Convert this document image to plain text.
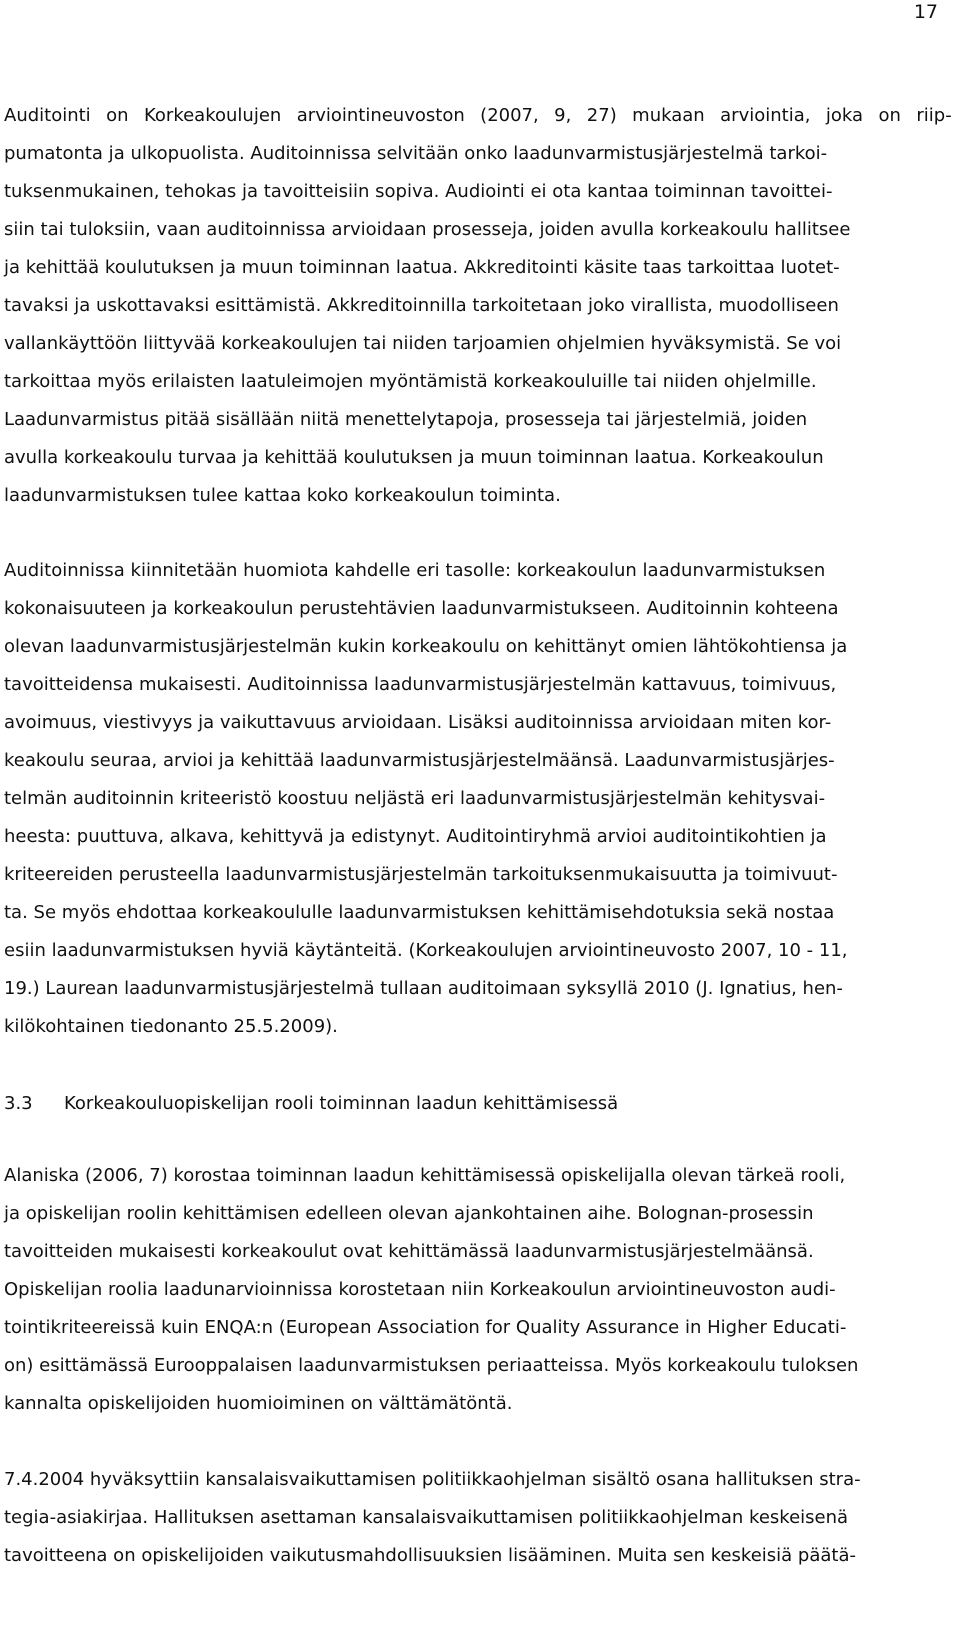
17

Auditointi on Korkeakoulujen arviointineuvoston (2007, 9, 27) mukaan arviointia, joka on riip-
pumatonta ja ulkopuolista. Auditoinnissa selvitään onko laadunvarmistusjärjestelmä tarkoi-
tuksenmukainen, tehokas ja tavoitteisiin sopiva. Audiointi ei ota kantaa toiminnan tavoittei-
siin tai tuloksiin, vaan auditoinnissa arvioidaan prosesseja, joiden avulla korkeakoulu hallitsee
ja kehittää koulutuksen ja muun toiminnan laatua. Akkreditointi käsite taas tarkoittaa luotet-
tavaksi ja uskottavaksi esittämistä. Akkreditoinnilla tarkoitetaan joko virallista, muodolliseen
vallankäyttöön liittyvää korkeakoulujen tai niiden tarjoamien ohjelmien hyväksymistä. Se voi
tarkoittaa myös erilaisten laatuleimojen myöntämistä korkeakouluille tai niiden ohjelmille.
Laadunvarmistus pitää sisällään niitä menettelytapoja, prosesseja tai järjestelmiä, joiden
avulla korkeakoulu turvaa ja kehittää koulutuksen ja muun toiminnan laatua. Korkeakoulun
laadunvarmistuksen tulee kattaa koko korkeakoulun toiminta.

Auditoinnissa kiinnitetään huomiota kahdelle eri tasolle: korkeakoulun laadunvarmistuksen
kokonaisuuteen ja korkeakoulun perustehtävien laadunvarmistukseen. Auditoinnin kohteena
olevan laadunvarmistusjärjestelmän kukin korkeakoulu on kehittänyt omien lähtökohtiensa ja
tavoitteidensa mukaisesti. Auditoinnissa laadunvarmistusjärjestelmän kattavuus, toimivuus,
avoimuus, viestivyys ja vaikuttavuus arvioidaan. Lisäksi auditoinnissa arvioidaan miten kor-
keakoulu seuraa, arvioi ja kehittää laadunvarmistusjärjestelmäänsä. Laadunvarmistusjärjes-
telmän auditoinnin kriteeristö koostuu neljästä eri laadunvarmistusjärjestelmän kehitysvai-
heesta: puuttuva, alkava, kehittyvä ja edistynyt. Auditointiryhmä arvioi auditointikohtien ja
kriteereiden perusteella laadunvarmistusjärjestelmän tarkoituksenmukaisuutta ja toimivuut-
ta. Se myös ehdottaa korkeakoululle laadunvarmistuksen kehittämisehdotuksia sekä nostaa
esiin laadunvarmistuksen hyviä käytänteitä. (Korkeakoulujen arviointineuvosto 2007, 10 - 11,
19.) Laurean laadunvarmistusjärjestelmä tullaan auditoimaan syksyllä 2010 (J. Ignatius, hen-
kilökohtainen tiedonanto 25.5.2009).

3.3 Korkeakouluopiskelijan rooli toiminnan laadun kehittämisessä

Alaniska (2006, 7) korostaa toiminnan laadun kehittämisessä opiskelijalla olevan tärkeä rooli,
ja opiskelijan roolin kehittämisen edelleen olevan ajankohtainen aihe. Bolognan-prosessin
tavoitteiden mukaisesti korkeakoulut ovat kehittämässä laadunvarmistusjärjestelmäänsä.
Opiskelijan roolia laadunarvioinnissa korostetaan niin Korkeakoulun arviointineuvoston audi-
tointikriteereissä kuin ENQA:n (European Association for Quality Assurance in Higher Educati-
on) esittämässä Eurooppalaisen laadunvarmistuksen periaatteissa. Myös korkeakoulu tuloksen
kannalta opiskelijoiden huomioiminen on välttämätöntä.

7.4.2004 hyväksyttiin kansalaisvaikuttamisen politiikkaohjelman sisältö osana hallituksen stra-
tegia-asiakirjaa. Hallituksen asettaman kansalaisvaikuttamisen politiikkaohjelman keskeisenä
tavoitteena on opiskelijoiden vaikutusmahdollisuuksien lisääminen. Muita sen keskeisiä päätä-
